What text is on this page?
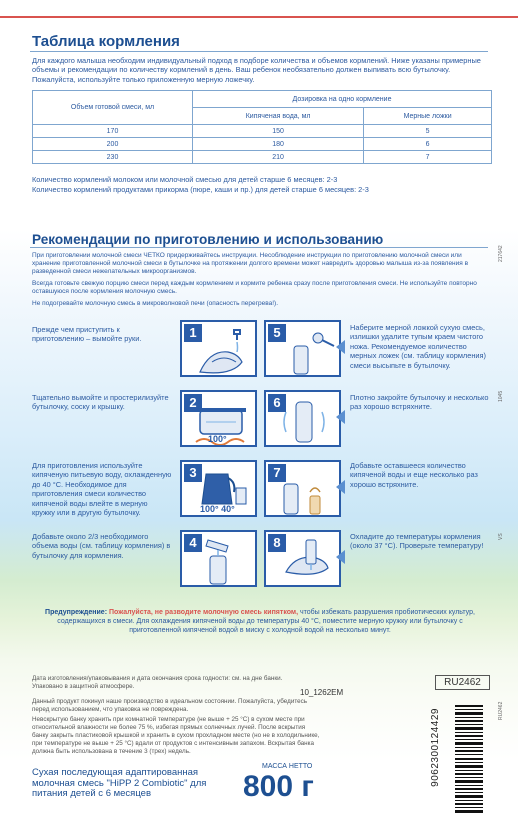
Таблица кормления
Для каждого малыша необходим индивидуальный подход в подборе количества и объемов кормлений. Ниже указаны примерные объемы и рекомендации по количеству кормлений в день. Ваш ребенок необязательно должен выпивать всю бутылочку. Пожалуйста, используйте только приложенную мерную ложечку.
Объем готовой смеси, мл	Дозировка на одно кормление	
	Кипяченая вода, мл	Мерные ложки
170	150	5
200	180	6
230	210	7
Количество кормлений молоком или молочной смесью для детей старше 6 месяцев: 2-3
Количество кормлений продуктами прикорма (пюре, каши и пр.) для детей старше 6 месяцев: 2-3
Рекомендации по приготовлению и использованию
При приготовлении молочной смеси ЧЕТКО придерживайтесь инструкции. Несоблюдение инструкции по приготовлению молочной смеси или хранение приготовленной молочной смеси в бутылочке на протяжении долгого времени может навредить здоровью малыша из-за появления в разведенной смеси нежелательных микроорганизмов.
Всегда готовьте свежую порцию смеси перед каждым кормлением и кормите ребенка сразу после приготовления смеси. Не используйте повторно оставшуюся после кормления молочную смесь.
Не подогревайте молочную смесь в микроволновой печи (опасность перегрева!).
217642
1045
VS
RU2462
Прежде чем приступить к приготовлению – вымойте руки.
Тщательно вымойте и простерилизуйте бутылочку, соску и крышку.
Для приготовления используйте кипяченую питьевую воду, охлажденную до 40 °С. Необходимое для приготовления смеси количество кипяченой воды влейте в мерную кружку или в другую бутылочку.
Добавьте около 2/3 необходимого объема воды (см. таблицу кормления) в бутылочку для кормления.
Наберите мерной ложкой сухую смесь, излишки удалите тупым краем чистого ножа. Рекомендуемое количество мерных ложек (см. таблицу кормления) смеси высыпьте в бутылочку.
Плотно закройте бутылочку и несколько раз хорошо встряхните.
Добавьте оставшееся количество кипяченой воды и еще несколько раз хорошо встряхните.
Охладите до температуры кормления (около 37 °С). Проверьте температуру!
1
2
100°
3
100° 40°
4
5
6
7
8
Предупреждение: Пожалуйста, не разводите молочную смесь кипятком, чтобы избежать разрушения пробиотических культур, содержащихся в смеси. Для охлаждения кипяченой воды до температуры 40 °С, поместите мерную кружку или бутылочку с приготовленной кипяченой водой в миску с холодной водой на несколько минут.
Дата изготовления/упаковывания и дата окончания срока годности: см. на дне банки. Упаковано в защитной атмосфере.
Данный продукт покинул наше производство в идеальном состоянии. Пожалуйста, убедитесь перед использованием, что упаковка не повреждена.
Невскрытую банку хранить при комнатной температуре (не выше + 25 °С) в сухом месте при относительной влажности не более 75 %, избегая прямых солнечных лучей. После вскрытия банку закрыть пластиковой крышкой и хранить в сухом прохладном месте (но не в холодильнике, при температуре не выше + 25 °С) вдали от продуктов с интенсивным запахом. Вскрытая банка должна быть использована в течение 3 (трех) недель.
10_1262EM
RU2462
Сухая последующая адаптированная молочная смесь "HiPP 2 Combiotic" для питания детей с 6 месяцев
МАССА НЕТТО
800 г	9062300124429
